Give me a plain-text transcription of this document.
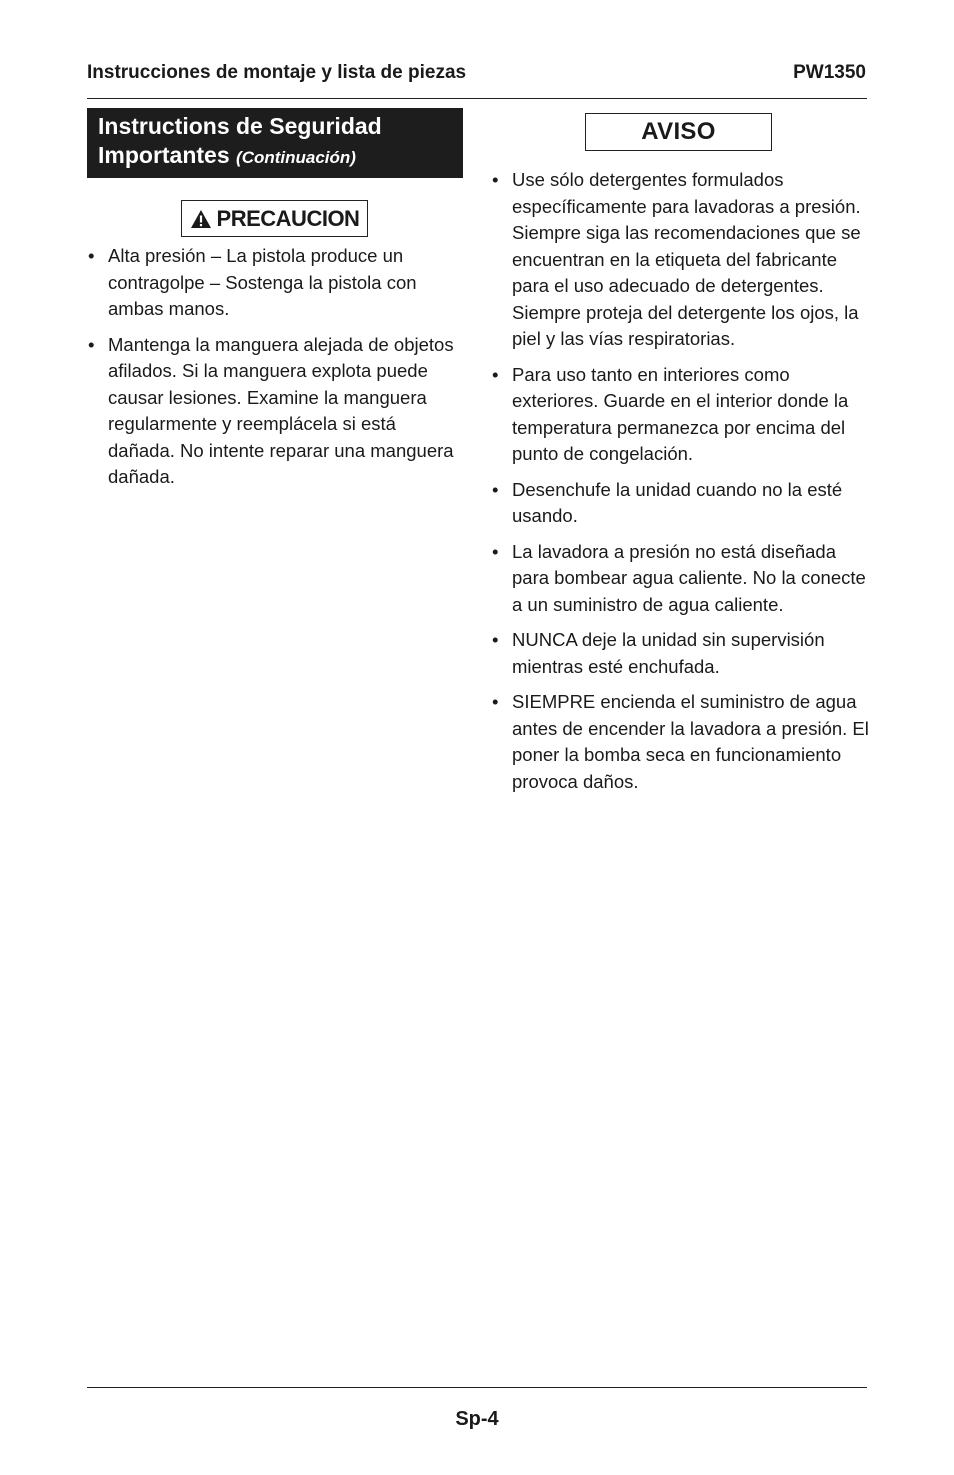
Instrucciones de montaje y lista de piezas	PW1350
Instructions de Seguridad Importantes (Continuación)
PRECAUCION
• Alta presión – La pistola produce un contragolpe – Sostenga la pistola con ambas manos.
• Mantenga la manguera alejada de objetos afilados. Si la manguera explota puede causar lesiones. Examine la manguera regularmente y reemplácela si está dañada. No intente reparar una manguera dañada.
AVISO
• Use sólo detergentes formulados específicamente para lavadoras a presión. Siempre siga las recomendaciones que se encuentran en la etiqueta del fabricante para el uso adecuado de detergentes. Siempre proteja del detergente los ojos, la piel y las vías respiratorias.
• Para uso tanto en interiores como exteriores. Guarde en el interior donde la temperatura permanezca por encima del punto de congelación.
• Desenchufe la unidad cuando no la esté usando.
• La lavadora a presión no está diseñada para bombear agua caliente. No la conecte a un suministro de agua caliente.
• NUNCA deje la unidad sin supervisión mientras esté enchufada.
• SIEMPRE encienda el suministro de agua antes de encender la lavadora a presión. El poner la bomba seca en funcionamiento provoca daños.
Sp-4
